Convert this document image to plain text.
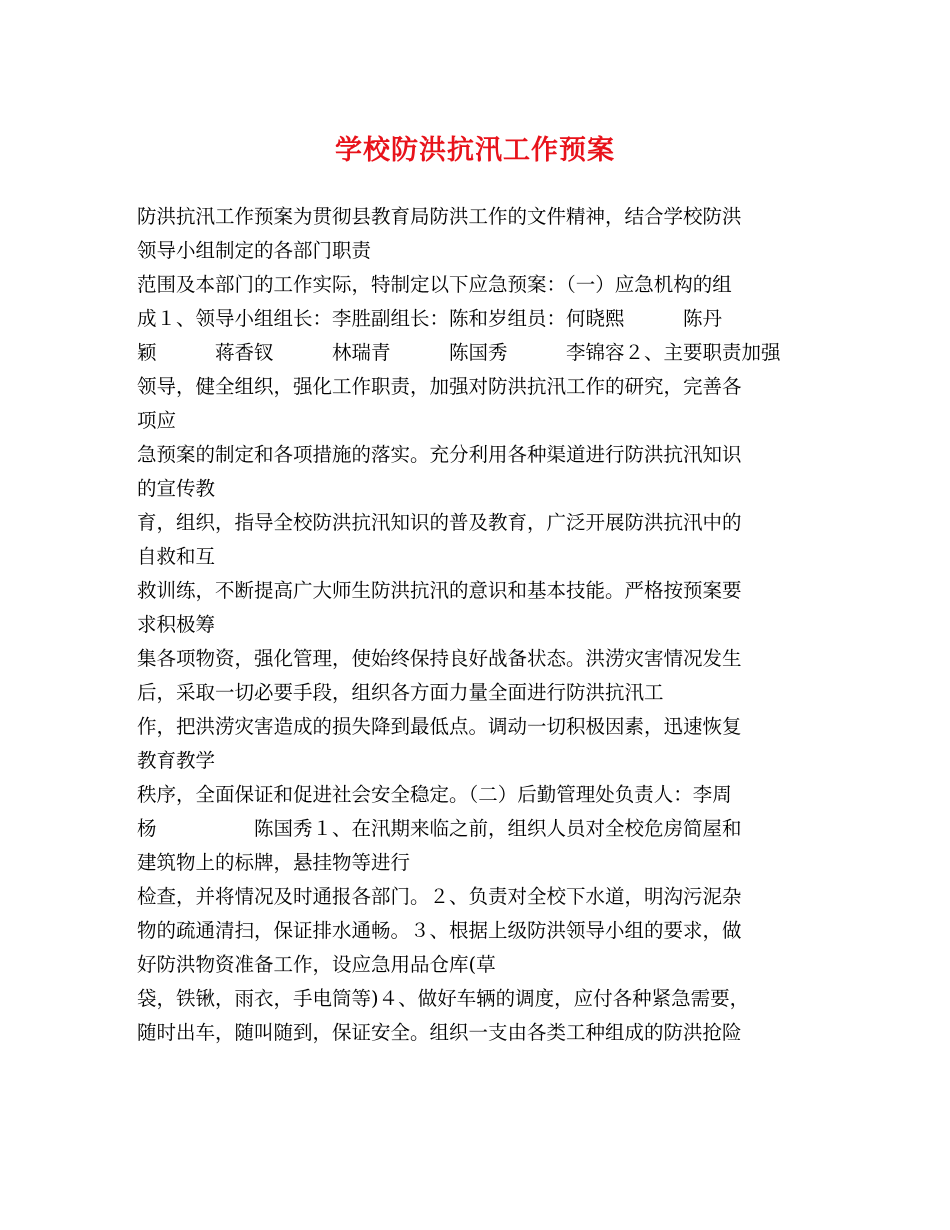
学校防洪抗汛工作预案
防洪抗汛工作预案为贯彻县教育局防洪工作的文件精神，结合学校防洪
领导小组制定的各部门职责
范围及本部门的工作实际，特制定以下应急预案：（一）应急机构的组
成１、领导小组组长：李胜副组长：陈和岁组员：何晓熙　　　陈丹
颖　　　蒋香钗　　　林瑞青　　　陈国秀　　　李锦容２、主要职责加强
领导，健全组织，强化工作职责，加强对防洪抗汛工作的研究，完善各
项应
急预案的制定和各项措施的落实。充分利用各种渠道进行防洪抗汛知识
的宣传教
育，组织，指导全校防洪抗汛知识的普及教育，广泛开展防洪抗汛中的
自救和互
救训练，不断提高广大师生防洪抗汛的意识和基本技能。严格按预案要
求积极筹
集各项物资，强化管理，使始终保持良好战备状态。洪涝灾害情况发生
后，采取一切必要手段，组织各方面力量全面进行防洪抗汛工
作，把洪涝灾害造成的损失降到最低点。调动一切积极因素，迅速恢复
教育教学
秩序，全面保证和促进社会安全稳定。（二）后勤管理处负责人：李周
杨　　　　　陈国秀１、在汛期来临之前，组织人员对全校危房简屋和
建筑物上的标牌，悬挂物等进行
检查，并将情况及时通报各部门。２、负责对全校下水道，明沟污泥杂
物的疏通清扫，保证排水通畅。３、根据上级防洪领导小组的要求，做
好防洪物资准备工作，设应急用品仓库(草
袋，铁锹，雨衣，手电筒等)４、做好车辆的调度，应付各种紧急需要，
随时出车，随叫随到，保证安全。组织一支由各类工种组成的防洪抢险
